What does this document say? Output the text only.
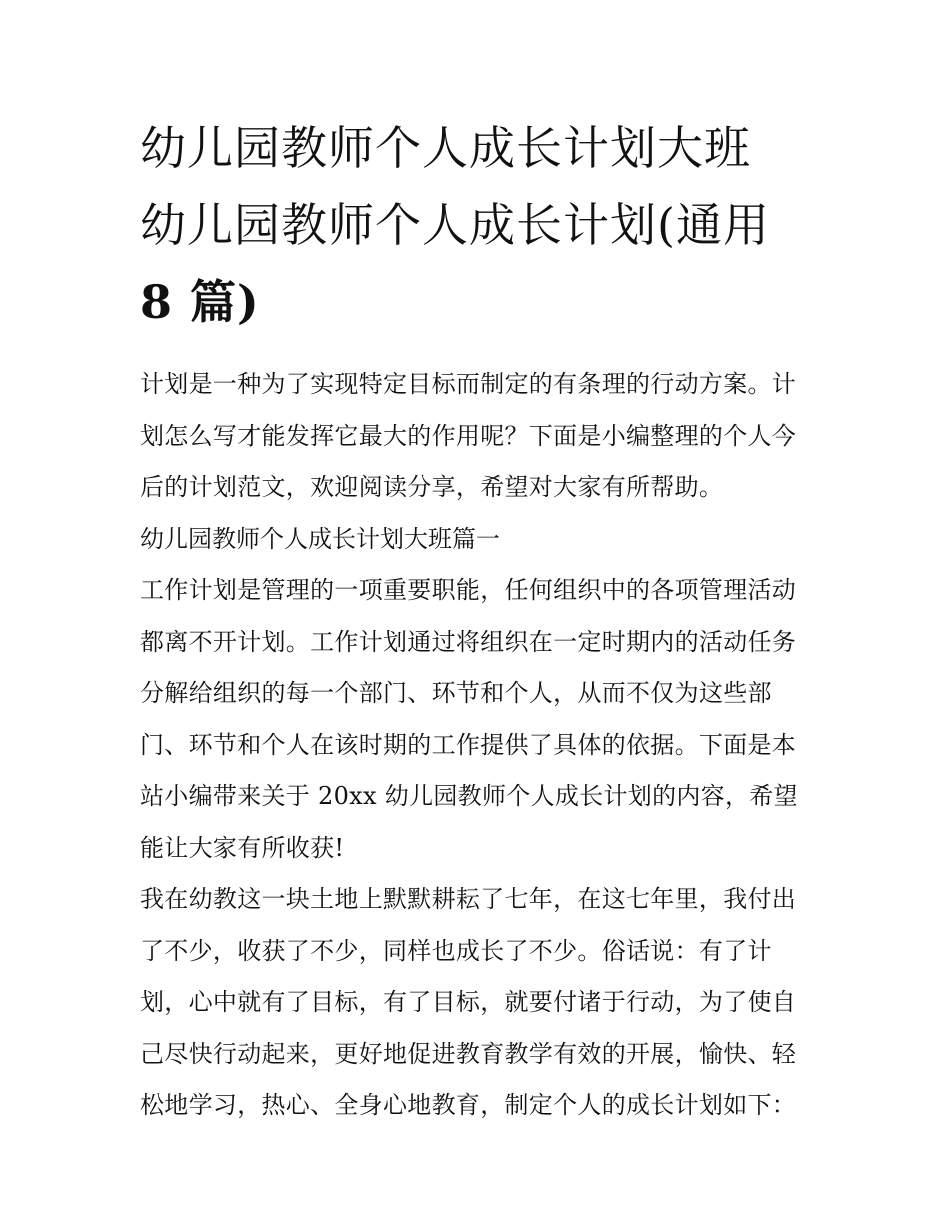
幼儿园教师个人成长计划大班
幼儿园教师个人成长计划(通用
8 篇)
计划是一种为了实现特定目标而制定的有条理的行动方案。计
划怎么写才能发挥它最大的作用呢？下面是小编整理的个人今
后的计划范文，欢迎阅读分享，希望对大家有所帮助。
幼儿园教师个人成长计划大班篇一
工作计划是管理的一项重要职能，任何组织中的各项管理活动
都离不开计划。工作计划通过将组织在一定时期内的活动任务
分解给组织的每一个部门、环节和个人，从而不仅为这些部
门、环节和个人在该时期的工作提供了具体的依据。下面是本
站小编带来关于 20xx 幼儿园教师个人成长计划的内容，希望
能让大家有所收获!
我在幼教这一块土地上默默耕耘了七年，在这七年里，我付出
了不少，收获了不少，同样也成长了不少。俗话说：有了计
划，心中就有了目标，有了目标，就要付诸于行动，为了使自
己尽快行动起来，更好地促进教育教学有效的开展，愉快、轻
松地学习，热心、全身心地教育，制定个人的成长计划如下：
